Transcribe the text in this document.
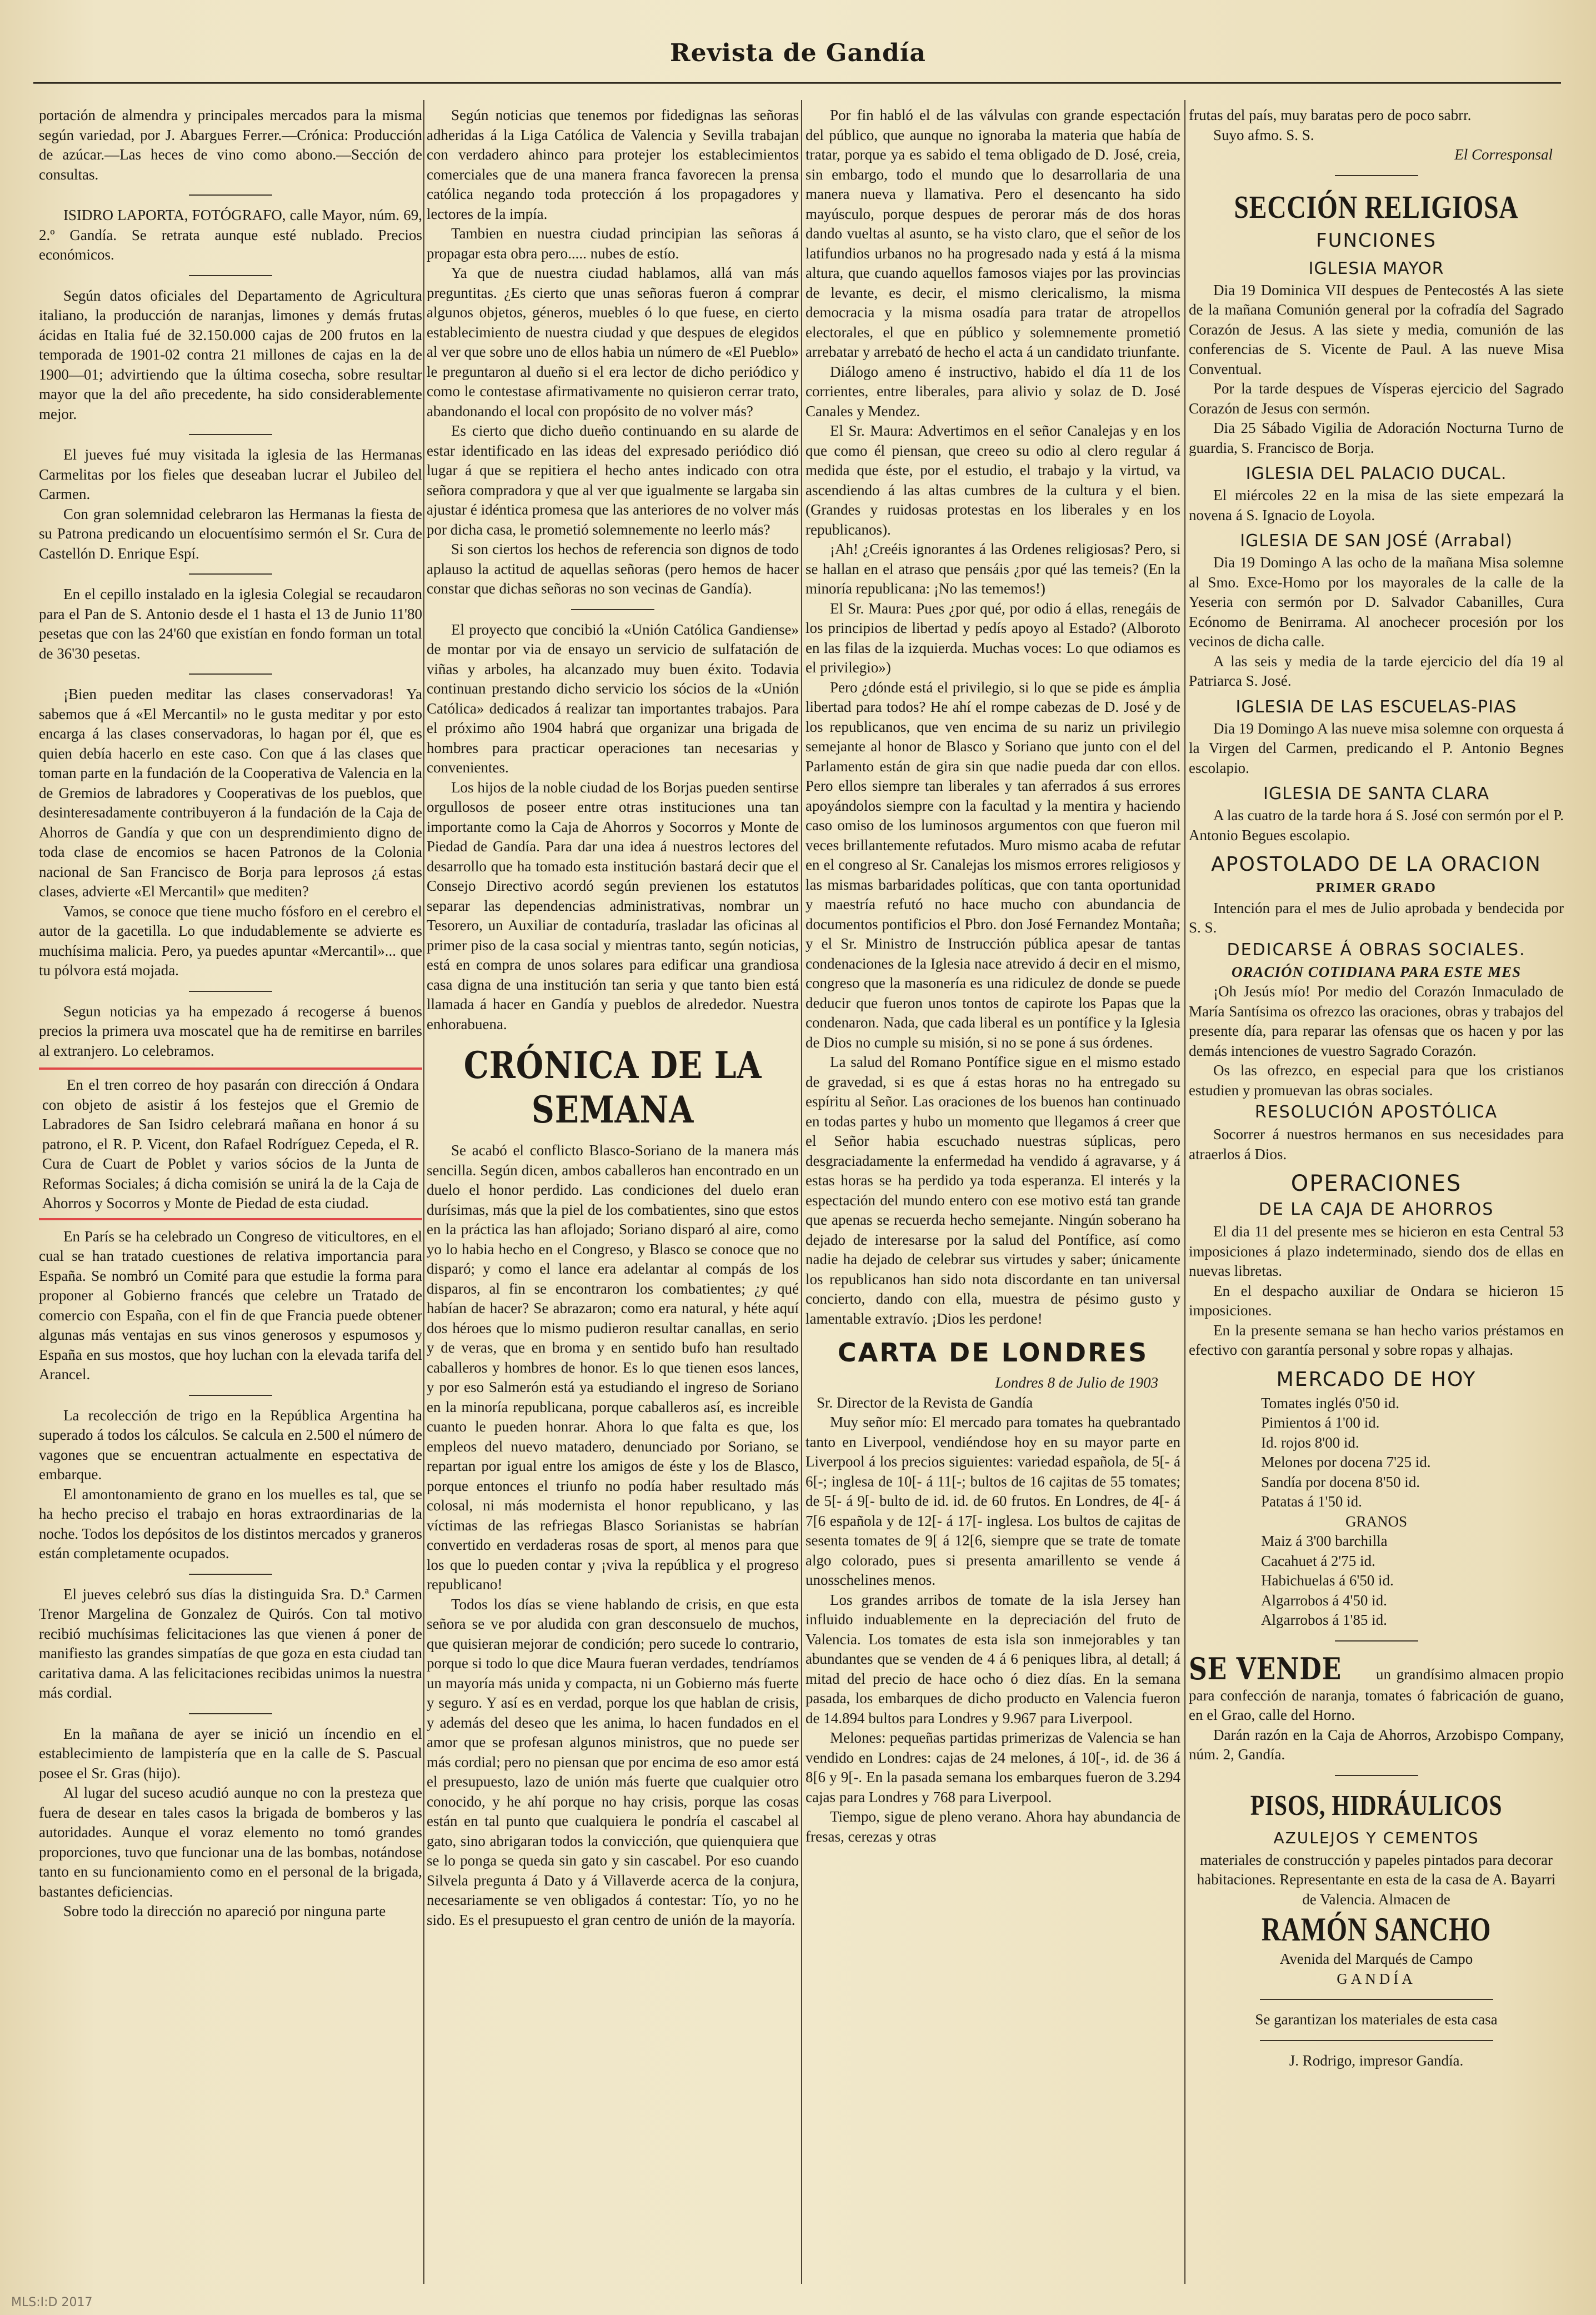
Revista de Gandía

portación de almendra y principales mercados para la misma según variedad, por J. Abargues Ferrer.—Crónica: Producción de azúcar.—Las heces de vino como abono.—Sección de consultas.

ISIDRO LAPORTA, FOTÓGRAFO, calle Mayor, núm. 69, 2.º Gandía. Se retrata aunque esté nublado. Precios económicos.

Según datos oficiales del Departamento de Agricultura italiano, la producción de naranjas, limones y demás frutas ácidas en Italia fué de 32.150.000 cajas de 200 frutos en la temporada de 1901-02 contra 21 millones de cajas en la de 1900—01; advirtiendo que la última cosecha, sobre resultar mayor que la del año precedente, ha sido considerablemente mejor.

El jueves fué muy visitada la iglesia de las Hermanas Carmelitas por los fieles que deseaban lucrar el Jubileo del Carmen.

Con gran solemnidad celebraron las Hermanas la fiesta de su Patrona predicando un elocuentísimo sermón el Sr. Cura de Castellón D. Enrique Espí.

En el cepillo instalado en la iglesia Colegial se recaudaron para el Pan de S. Antonio desde el 1 hasta el 13 de Junio 11'80 pesetas que con las 24'60 que existían en fondo forman un total de 36'30 pesetas.

¡Bien pueden meditar las clases conservadoras! Ya sabemos que á «El Mercantil» no le gusta meditar y por esto encarga á las clases conservadoras, lo hagan por él, que es quien debía hacerlo en este caso. Con que á las clases que toman parte en la fundación de la Cooperativa de Valencia en la de Gremios de labradores y Cooperativas de los pueblos, que desinteresadamente contribuyeron á la fundación de la Caja de Ahorros de Gandía y que con un desprendimiento digno de toda clase de encomios se hacen Patronos de la Colonia nacional de San Francisco de Borja para leprosos ¿á estas clases, advierte «El Mercantil» que mediten?

Vamos, se conoce que tiene mucho fósforo en el cerebro el autor de la gacetilla. Lo que indudablemente se advierte es muchísima malicia. Pero, ya puedes apuntar «Mercantil»... que tu pólvora está mojada.

Segun noticias ya ha empezado á recogerse á buenos precios la primera uva moscatel que ha de remitirse en barriles al extranjero. Lo celebramos.

En el tren correo de hoy pasarán con dirección á Ondara con objeto de asistir á los festejos que el Gremio de Labradores de San Isidro celebrará mañana en honor á su patrono, el R. P. Vicent, don Rafael Rodríguez Cepeda, el R. Cura de Cuart de Poblet y varios sócios de la Junta de Reformas Sociales; á dicha comisión se unirá la de la Caja de Ahorros y Socorros y Monte de Piedad de esta ciudad.

En París se ha celebrado un Congreso de viticultores, en el cual se han tratado cuestiones de relativa importancia para España. Se nombró un Comité para que estudie la forma para proponer al Gobierno francés que celebre un Tratado de comercio con España, con el fin de que Francia puede obtener algunas más ventajas en sus vinos generosos y espumosos y España en sus mostos, que hoy luchan con la elevada tarifa del Arancel.

La recolección de trigo en la República Argentina ha superado á todos los cálculos. Se calcula en 2.500 el número de vagones que se encuentran actualmente en espectativa de embarque.

El amontonamiento de grano en los muelles es tal, que se ha hecho preciso el trabajo en horas extraordinarias de la noche. Todos los depósitos de los distintos mercados y graneros están completamente ocupados.

El jueves celebró sus días la distinguida Sra. D.ª Carmen Trenor Margelina de Gonzalez de Quirós. Con tal motivo recibió muchísimas felicitaciones las que vienen á poner de manifiesto las grandes simpatías de que goza en esta ciudad tan caritativa dama. A las felicitaciones recibidas unimos la nuestra más cordial.

En la mañana de ayer se inició un íncendio en el establecimiento de lampistería que en la calle de S. Pascual posee el Sr. Gras (hijo).

Al lugar del suceso acudió aunque no con la presteza que fuera de desear en tales casos la brigada de bomberos y las autoridades. Aunque el voraz elemento no tomó grandes proporciones, tuvo que funcionar una de las bombas, notándose tanto en su funcionamiento como en el personal de la brigada, bastantes deficiencias.

Sobre todo la dirección no apareció por ninguna parte

Según noticias que tenemos por fidedignas las señoras adheridas á la Liga Católica de Valencia y Sevilla trabajan con verdadero ahinco para protejer los establecimientos comerciales que de una manera franca favorecen la prensa católica negando toda protección á los propagadores y lectores de la impía.

Tambien en nuestra ciudad principian las señoras á propagar esta obra pero..... nubes de estío.

Ya que de nuestra ciudad hablamos, allá van más preguntitas. ¿Es cierto que unas señoras fueron á comprar algunos objetos, géneros, muebles ó lo que fuese, en cierto establecimiento de nuestra ciudad y que despues de elegidos al ver que sobre uno de ellos habia un número de «El Pueblo» le preguntaron al dueño si el era lector de dicho periódico y como le contestase afirmativamente no quisieron cerrar trato, abandonando el local con propósito de no volver más?

Es cierto que dicho dueño continuando en su alarde de estar identificado en las ideas del expresado periódico dió lugar á que se repitiera el hecho antes indicado con otra señora compradora y que al ver que igualmente se largaba sin ajustar é idéntica promesa que las anteriores de no volver más por dicha casa, le prometió solemnemente no leerlo más?

Si son ciertos los hechos de referencia son dignos de todo aplauso la actitud de aquellas señoras (pero hemos de hacer constar que dichas señoras no son vecinas de Gandía).

El proyecto que concibió la «Unión Católica Gandiense» de montar por via de ensayo un servicio de sulfatación de viñas y arboles, ha alcanzado muy buen éxito. Todavia continuan prestando dicho servicio los sócios de la «Unión Católica» dedicados á realizar tan importantes trabajos. Para el próximo año 1904 habrá que organizar una brigada de hombres para practicar operaciones tan necesarias y convenientes.

Los hijos de la noble ciudad de los Borjas pueden sentirse orgullosos de poseer entre otras instituciones una tan importante como la Caja de Ahorros y Socorros y Monte de Piedad de Gandía. Para dar una idea á nuestros lectores del desarrollo que ha tomado esta institución bastará decir que el Consejo Directivo acordó según previenen los estatutos separar las dependencias administrativas, nombrar un Tesorero, un Auxiliar de contaduría, trasladar las oficinas al primer piso de la casa social y mientras tanto, según noticias, está en compra de unos solares para edificar una grandiosa casa digna de una institución tan seria y que tanto bien está llamada á hacer en Gandía y pueblos de alrededor. Nuestra enhorabuena.

CRÓNICA DE LA SEMANA

Se acabó el conflicto Blasco-Soriano de la manera más sencilla. Según dicen, ambos caballeros han encontrado en un duelo el honor perdido. Las condiciones del duelo eran durísimas, más que la piel de los combatientes, sino que estos en la práctica las han aflojado; Soriano disparó al aire, como yo lo habia hecho en el Congreso, y Blasco se conoce que no disparó; y como el lance era adelantar al compás de los disparos, al fin se encontraron los combatientes; ¿y qué habían de hacer? Se abrazaron; como era natural, y héte aquí dos héroes que lo mismo pudieron resultar canallas, en serio y de veras, que en broma y en sentido bufo han resultado caballeros y hombres de honor. Es lo que tienen esos lances, y por eso Salmerón está ya estudiando el ingreso de Soriano en la minoría republicana, porque caballeros así, es increible cuanto le pueden honrar. Ahora lo que falta es que, los empleos del nuevo matadero, denunciado por Soriano, se repartan por igual entre los amigos de éste y los de Blasco, porque entonces el triunfo no podía haber resultado más colosal, ni más modernista el honor republicano, y las víctimas de las refriegas Blasco Sorianistas se habrían convertido en verdaderas rosas de sport, al menos para que los que lo pueden contar y ¡viva la república y el progreso republicano!

Todos los días se viene hablando de crisis, en que esta señora se ve por aludida con gran desconsuelo de muchos, que quisieran mejorar de condición; pero sucede lo contrario, porque si todo lo que dice Maura fueran verdades, tendríamos un mayoría más unida y compacta, ni un Gobierno más fuerte y seguro. Y así es en verdad, porque los que hablan de crisis, y además del deseo que les anima, lo hacen fundados en el amor que se profesan algunos ministros, que no puede ser más cordial; pero no piensan que por encima de eso amor está el presupuesto, lazo de unión más fuerte que cualquier otro conocido, y he ahí porque no hay crisis, porque las cosas están en tal punto que cualquiera le pondría el cascabel al gato, sino abrigaran todos la convicción, que quienquiera que se lo ponga se queda sin gato y sin cascabel. Por eso cuando Silvela pregunta á Dato y á Villaverde acerca de la conjura, necesariamente se ven obligados á contestar: Tío, yo no he sido. Es el presupuesto el gran centro de unión de la mayoría.

Por fin habló el de las válvulas con grande espectación del público, que aunque no ignoraba la materia que había de tratar, porque ya es sabido el tema obligado de D. José, creia, sin embargo, todo el mundo que lo desarrollaria de una manera nueva y llamativa. Pero el desencanto ha sido mayúsculo, porque despues de perorar más de dos horas dando vueltas al asunto, se ha visto claro, que el señor de los latifundios urbanos no ha progresado nada y está á la misma altura, que cuando aquellos famosos viajes por las provincias de levante, es decir, el mismo clericalismo, la misma democracia y la misma osadía para tratar de atropellos electorales, el que en público y solemnemente prometió arrebatar y arrebató de hecho el acta á un candidato triunfante.

Diálogo ameno é instructivo, habido el día 11 de los corrientes, entre liberales, para alivio y solaz de D. José Canales y Mendez.

El Sr. Maura: Advertimos en el señor Canalejas y en los que como él piensan, que creeo su odio al clero regular á medida que éste, por el estudio, el trabajo y la virtud, va ascendiendo á las altas cumbres de la cultura y el bien. (Grandes y ruidosas protestas en los liberales y en los republicanos).

¡Ah! ¿Creéis ignorantes á las Ordenes religiosas? Pero, si se hallan en el atraso que pensáis ¿por qué las temeis? (En la minoría republicana: ¡No las tememos!)

El Sr. Maura: Pues ¿por qué, por odio á ellas, renegáis de los principios de libertad y pedís apoyo al Estado? (Alboroto en las filas de la izquierda. Muchas voces: Lo que odiamos es el privilegio»)

Pero ¿dónde está el privilegio, si lo que se pide es ámplia libertad para todos? He ahí el rompe cabezas de D. José y de los republicanos, que ven encima de su nariz un privilegio semejante al honor de Blasco y Soriano que junto con el del Parlamento están de gira sin que nadie pueda dar con ellos. Pero ellos siempre tan liberales y tan aferrados á sus errores apoyándolos siempre con la facultad y la mentira y haciendo caso omiso de los luminosos argumentos con que fueron mil veces brillantemente refutados. Muro mismo acaba de refutar en el congreso al Sr. Canalejas los mismos errores religiosos y las mismas barbaridades políticas, que con tanta oportunidad y maestría refutó no hace mucho con abundancia de documentos pontificios el Pbro. don José Fernandez Montaña; y el Sr. Ministro de Instrucción pública apesar de tantas condenaciones de la Iglesia nace atrevido á decir en el mismo, congreso que la masonería es una ridiculez de donde se puede deducir que fueron unos tontos de capirote los Papas que la condenaron. Nada, que cada liberal es un pontífice y la Iglesia de Dios no cumple su misión, si no se pone á sus órdenes.

La salud del Romano Pontífice sigue en el mismo estado de gravedad, si es que á estas horas no ha entregado su espíritu al Señor. Las oraciones de los buenos han continuado en todas partes y hubo un momento que llegamos á creer que el Señor habia escuchado nuestras súplicas, pero desgraciadamente la enfermedad ha vendido á agravarse, y á estas horas se ha perdido ya toda esperanza. El interés y la espectación del mundo entero con ese motivo está tan grande que apenas se recuerda hecho semejante. Ningún soberano ha dejado de interesarse por la salud del Pontífice, así como nadie ha dejado de celebrar sus virtudes y saber; únicamente los republicanos han sido nota discordante en tan universal concierto, dando con ella, muestra de pésimo gusto y lamentable extravío. ¡Dios les perdone!

CARTA DE LONDRES

Londres 8 de Julio de 1903

Sr. Director de la Revista de Gandía

Muy señor mío: El mercado para tomates ha quebrantado tanto en Liverpool, vendiéndose hoy en su mayor parte en Liverpool á los precios siguientes: variedad española, de 5[- á 6[-; inglesa de 10[- á 11[-; bultos de 16 cajitas de 55 tomates; de 5[- á 9[- bulto de id. id. de 60 frutos. En Londres, de 4[- á 7[6 española y de 12[- á 17[- inglesa. Los bultos de cajitas de sesenta tomates de 9[ á 12[6, siempre que se trate de tomate algo colorado, pues si presenta amarillento se vende á unosschelines menos.

Los grandes arribos de tomate de la isla Jersey han influido induablemente en la depreciación del fruto de Valencia. Los tomates de esta isla son inmejorables y tan abundantes que se venden de 4 á 6 peniques libra, al detall; á mitad del precio de hace ocho ó diez días. En la semana pasada, los embarques de dicho producto en Valencia fueron de 14.894 bultos para Londres y 9.967 para Liverpool.

Melones: pequeñas partidas primerizas de Valencia se han vendido en Londres: cajas de 24 melones, á 10[-, id. de 36 á 8[6 y 9[-. En la pasada semana los embarques fueron de 3.294 cajas para Londres y 768 para Liverpool.

Tiempo, sigue de pleno verano. Ahora hay abundancia de fresas, cerezas y otras

frutas del país, muy baratas pero de poco sabrr.

Suyo afmo. S. S.

El Corresponsal

SECCIÓN RELIGIOSA
FUNCIONES
IGLESIA MAYOR

Dia 19 Dominica VII despues de Pentecostés A las siete de la mañana Comunión general por la cofradía del Sagrado Corazón de Jesus. A las siete y media, comunión de las conferencias de S. Vicente de Paul. A las nueve Misa Conventual.

Por la tarde despues de Vísperas ejercicio del Sagrado Corazón de Jesus con sermón.

Dia 25 Sábado Vigilia de Adoración Nocturna Turno de guardia, S. Francisco de Borja.

IGLESIA DEL PALACIO DUCAL.

El miércoles 22 en la misa de las siete empezará la novena á S. Ignacio de Loyola.

IGLESIA DE SAN JOSÉ (Arrabal)

Dia 19 Domingo A las ocho de la mañana Misa solemne al Smo. Exce-Homo por los mayorales de la calle de la Yeseria con sermón por D. Salvador Cabanilles, Cura Ecónomo de Benirrama. Al anochecer procesión por los vecinos de dicha calle.

A las seis y media de la tarde ejercicio del día 19 al Patriarca S. José.

IGLESIA DE LAS ESCUELAS-PIAS

Dia 19 Domingo A las nueve misa solemne con orquesta á la Virgen del Carmen, predicando el P. Antonio Begnes escolapio.

IGLESIA DE SANTA CLARA

A las cuatro de la tarde hora á S. José con sermón por el P. Antonio Begues escolapio.

APOSTOLADO DE LA ORACION
PRIMER GRADO

Intención para el mes de Julio aprobada y bendecida por S. S.

DEDICARSE Á OBRAS SOCIALES.
ORACIÓN COTIDIANA PARA ESTE MES

¡Oh Jesús mío! Por medio del Corazón Inmaculado de María Santísima os ofrezco las oraciones, obras y trabajos del presente día, para reparar las ofensas que os hacen y por las demás intenciones de vuestro Sagrado Corazón.

Os las ofrezco, en especial para que los cristianos estudien y promuevan las obras sociales.

RESOLUCIÓN APOSTÓLICA

Socorrer á nuestros hermanos en sus necesidades para atraerlos á Dios.

OPERACIONES
DE LA CAJA DE AHORROS

El dia 11 del presente mes se hicieron en esta Central 53 imposiciones á plazo indeterminado, siendo dos de ellas en nuevas libretas.

En el despacho auxiliar de Ondara se hicieron 15 imposiciones.

En la presente semana se han hecho varios préstamos en efectivo con garantía personal y sobre ropas y alhajas.

MERCADO DE HOY

Tomates inglés 0'50 id.

Pimientos á 1'00 id.

Id. rojos 8'00 id.

Melones por docena 7'25 id.

Sandía por docena 8'50 id.

Patatas á 1'50 id.

GRANOS

Maiz á 3'00 barchilla

Cacahuet á 2'75 id.

Habichuelas á 6'50 id.

Algarrobos á 4'50 id.

Algarrobos á 1'85 id.

SE VENDE un grandísimo almacen propio para confección de naranja, tomates ó fabricación de guano, en el Grao, calle del Horno.

Darán razón en la Caja de Ahorros, Arzobispo Company, núm. 2, Gandía.

PISOS, HIDRÁULICOS
AZULEJOS Y CEMENTOS

materiales de construcción y papeles pintados para decorar habitaciones. Representante en esta de la casa de A. Bayarri de Valencia. Almacen de

RAMÓN SANCHO

Avenida del Marqués de Campo

GANDÍA

Se garantizan los materiales de esta casa

J. Rodrigo, impresor Gandía.

MLS:I:D 2017
